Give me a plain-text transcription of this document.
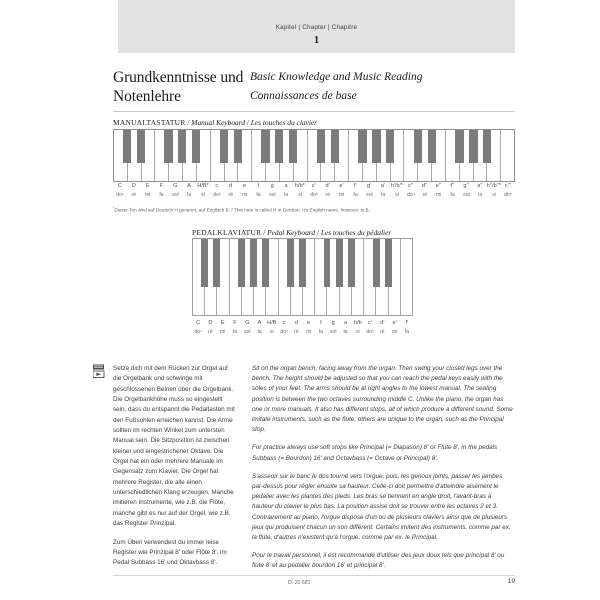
Kapitel | Chapter | Chapitre
1
Grundkenntnisse und Notenlehre
Basic Knowledge and Music Reading
Connaissances de base
MANUALTASTATUR / Manual Keyboard / Les touches du clavier
C	D	E	F	G	A	H/B*	c	d	e	f	g	a	h/b*	c'	d'	e'	f'	g'	a'	h'/b'* c''	d''	e''	f''	g''	a'' h''/b''* c'''
do¹	ré	mi	fa	sol	la	si	do²	ré	mi	fa	sol	la	si	do³	ré	mi	fa	sol	la	si	do⁴	ré	mi	fa	sol	la	si	do⁵
*Dieser Ton wird auf Deutsch H genannt, auf Englisch B. / This note is called H in German. It's English name, however, is B.
PEDALKLAVIATUR / Pedal Keyboard / Les touches du pédalier
C	D	E	F	G	A	H/B	c	d	e	f	g	a	h/b	c'	d'	e'	f'
do¹	ré	mi	fa	sol	la	si	do²	ré	mi	fa	sol	la	si	do³	ré	mi	fa

Setze dich mit dem Rücken zur Orgel auf die Orgelbank und schwinge mit geschlossenen Beinen über die Orgelbank. Die Orgelbankhöhe muss so eingestellt sein, dass du entspannt die Pedaltasten mit den Fußsohlen erreichen kannst. Die Arme sollten im rechten Winkel zum untersten Manual sein. Die Sitzposition ist zwischen kleiner und eingestrichener Oktave. Die Orgel hat ein oder mehrere Manuale im Gegensatz zum Klavier. Die Orgel hat mehrere Register, die alle einen unterschiedlichen Klang erzeugen. Manche imitieren Instrumente, wie z.B. die Flöte, manche gibt es nur auf der Orgel, wie z.B. das Register Prinzipal.

Zum Üben verwendest du immer leise Register wie Prinzipal 8' oder Flöte 8', im Pedal Subbass 16' und Oktavbass 8'.

Sit on the organ bench, facing away from the organ. Then swing your closed legs over the bench. The height should be adjusted so that you can reach the pedal keys easily with the soles of your feet. The arms should be at right angles to the lowest manual. The seating position is between the two octaves surrounding middle C. Unlike the piano, the organ has one or more manuals. It also has different stops, all of which produce a different sound. Some imitate instruments, such as the flute, others are unique to the organ, such as the Principal stop.

For practice always use soft stops like Principal (= Diapason) 8' or Flute 8', in the pedals Subbass (= Bourdon) 16' and Octavbass (= Octave or Principal) 8'.

S'asseoir sur le banc le dos tourné vers l'orgue, puis, les genoux joints, passer les jambes par-dessus pour régler ensuite sa hauteur. Celle-ci doit permettre d'atteindre aisément le pédalier avec les plantes des pieds. Les bras se tiennent en angle droit, l'avant-bras à hauteur du clavier le plus bas. La position assise doit se trouver entre les octaves 2 et 3. Contrairement au piano, l'orgue dispose d'un ou de plusieurs claviers ainsi que de plusieurs jeux qui produisent chacun un son différent. Certains imitent des instruments, comme par ex. la flûte, d'autres n'existent qu'à l'orgue, comme par ex. le Principal.

Pour le travail personnel, il est recommandé d'utiliser des jeux doux tels que principal 8' ou flûte 8' et au pédalier bourdon 16' et principal 8'.

D. 20 681	19
